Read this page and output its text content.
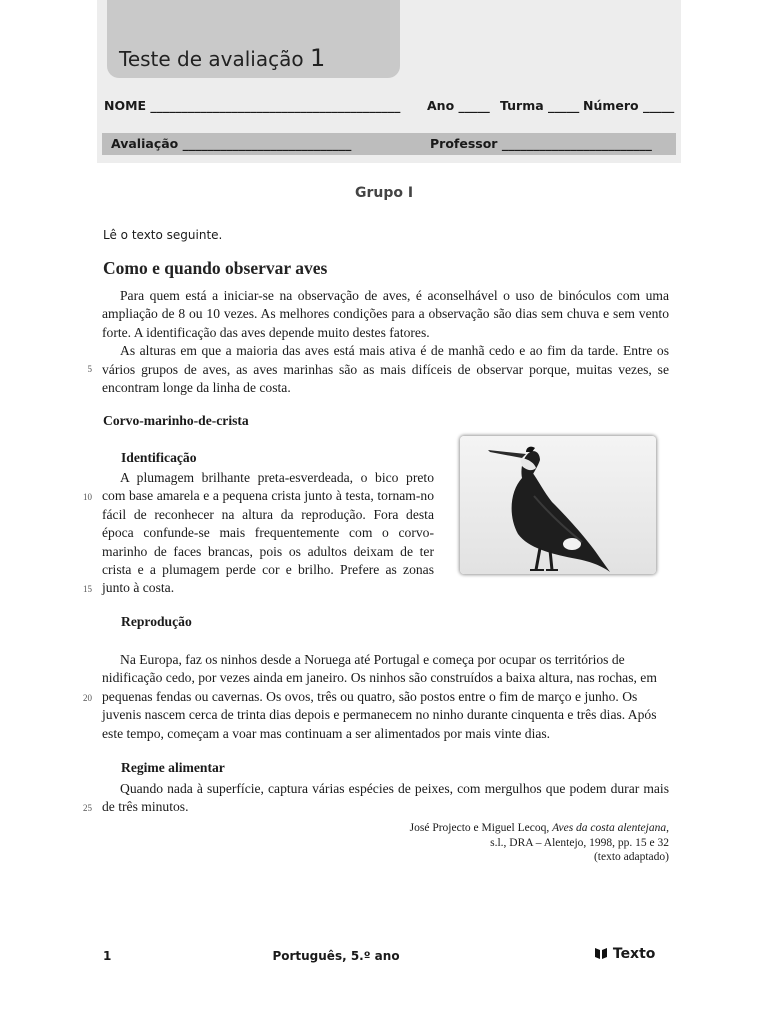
Teste de avaliação 1
NOME ________________________________________ Ano _____ Turma _____ Número _____
Avaliação ___________________________	Professor ________________________
Grupo I
Lê o texto seguinte.
Como e quando observar aves

Para quem está a iniciar-se na observação de aves, é aconselhável o uso de binóculos com uma ampliação de 8 ou 10 vezes. As melhores condições para a observação são dias sem chuva e sem vento forte. A identificação das aves depende muito destes fatores.

As alturas em que a maioria das aves está mais ativa é de manhã cedo e ao fim da tarde. Entre os vários grupos de aves, as aves marinhas são as mais difíceis de observar porque, muitas vezes, se encontram longe da linha de costa.

Corvo-marinho-de-crista
Identificação

A plumagem brilhante preta-esverdeada, o bico preto com base amarela e a pequena crista junto à testa, tornam-no fácil de reconhecer na altura da reprodução. Fora desta época confunde-se mais frequentemente com o corvo-marinho de faces brancas, pois os adultos deixam de ter crista e a plumagem perde cor e brilho. Prefere as zonas junto à costa.

Reprodução

Na Europa, faz os ninhos desde a Noruega até Portugal e começa por ocupar os territórios de nidificação cedo, por vezes ainda em janeiro. Os ninhos são construídos a baixa altura, nas rochas, em pequenas fendas ou cavernas. Os ovos, três ou quatro, são postos entre o fim de março e junho. Os juvenis nascem cerca de trinta dias depois e permanecem no ninho durante cinquenta e três dias. Após este tempo, começam a voar mas continuam a ser alimentados por mais vinte dias.

Regime alimentar

Quando nada à superfície, captura várias espécies de peixes, com mergulhos que podem durar mais de três minutos.

5
10
15
20
25
José Projecto e Miguel Lecoq, Aves da costa alentejana,
s.l., DRA – Alentejo, 1998, pp. 15 e 32
(texto adaptado)
1	Português, 5.º ano	Texto
